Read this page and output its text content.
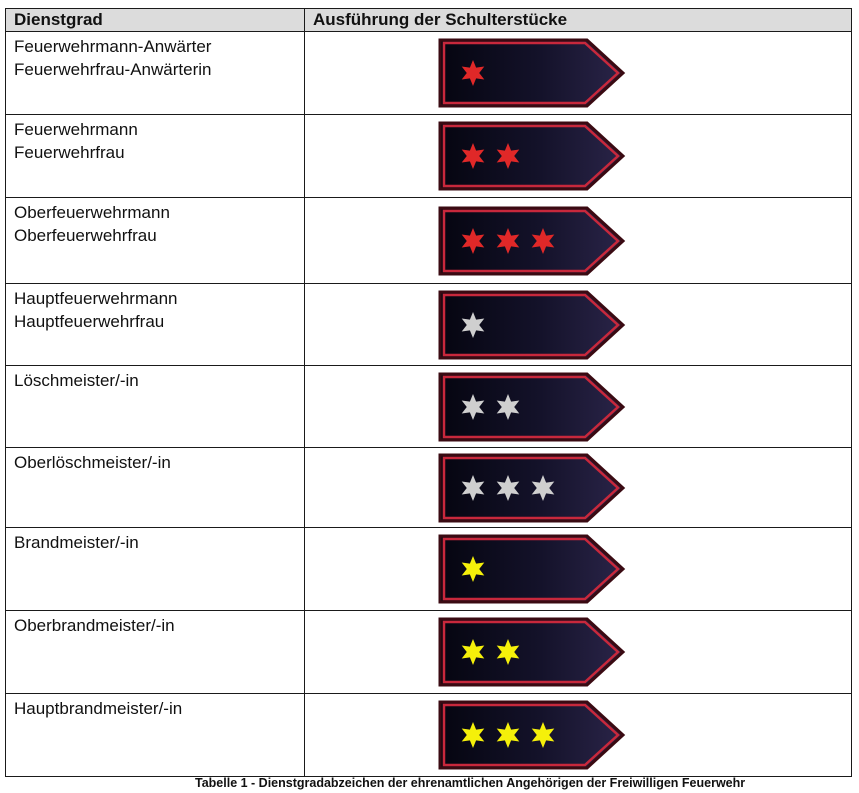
Dienstgrad	Ausführung der Schulterstücke

Feuerwehrmann-Anwärter
Feuerwehrfrau-Anwärterin

Feuerwehrmann
Feuerwehrfrau

Oberfeuerwehrmann
Oberfeuerwehrfrau

Hauptfeuerwehrmann
Hauptfeuerwehrfrau

Löschmeister/-in

Oberlöschmeister/-in

Brandmeister/-in

Oberbrandmeister/-in

Hauptbrandmeister/-in

Tabelle 1 - Dienstgradabzeichen der ehrenamtlichen Angehörigen der Freiwilligen Feuerwehr
